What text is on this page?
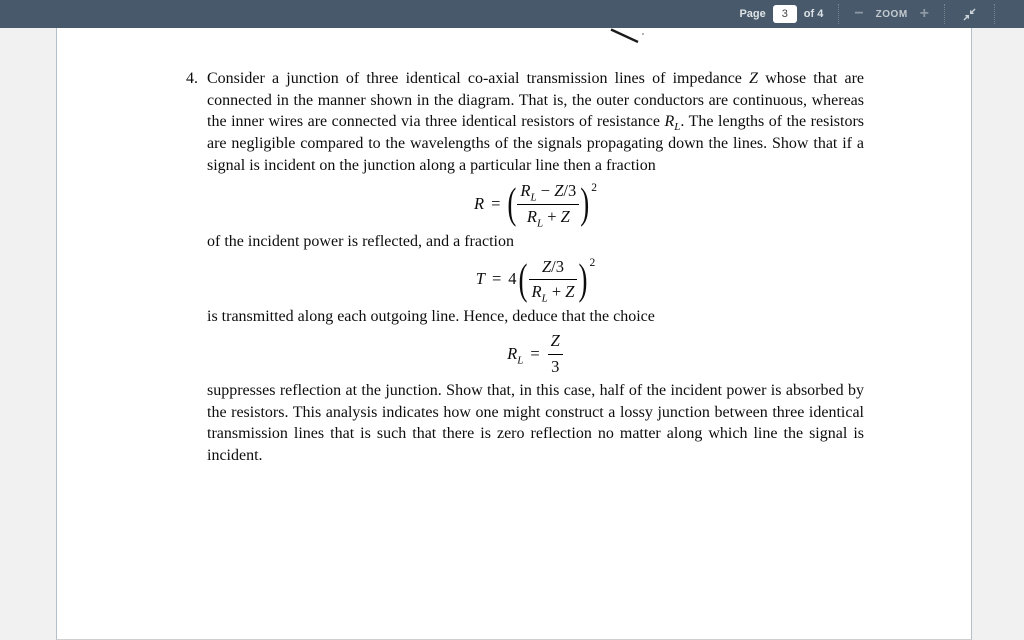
Page
3	of 4 − ZOOM +
4. Consider a junction of three identical co-axial transmission lines of impedance Z whose that are connected in the manner shown in the diagram. That is, the outer conductors are continuous, whereas the inner wires are connected via three identical resistors of resistance $R_L$. The lengths of the resistors are negligible compared to the wavelengths of the signals propagating down the lines. Show that if a signal is incident on the junction along a particular line then a fraction

R = ( $\frac{R_L - Z/3}{R_L + Z}$ ) 2

of the incident power is reflected, and a fraction

T = 4 ( $\frac{Z/3}{R_L + Z}$ ) 2

is transmitted along each outgoing line. Hence, deduce that the choice

$R_L = \frac{Z}{3}$

suppresses reflection at the junction. Show that, in this case, half of the incident power is absorbed by the resistors. This analysis indicates how one might construct a lossy junction between three identical transmission lines that is such that there is zero reflection no matter along which line the signal is incident.
